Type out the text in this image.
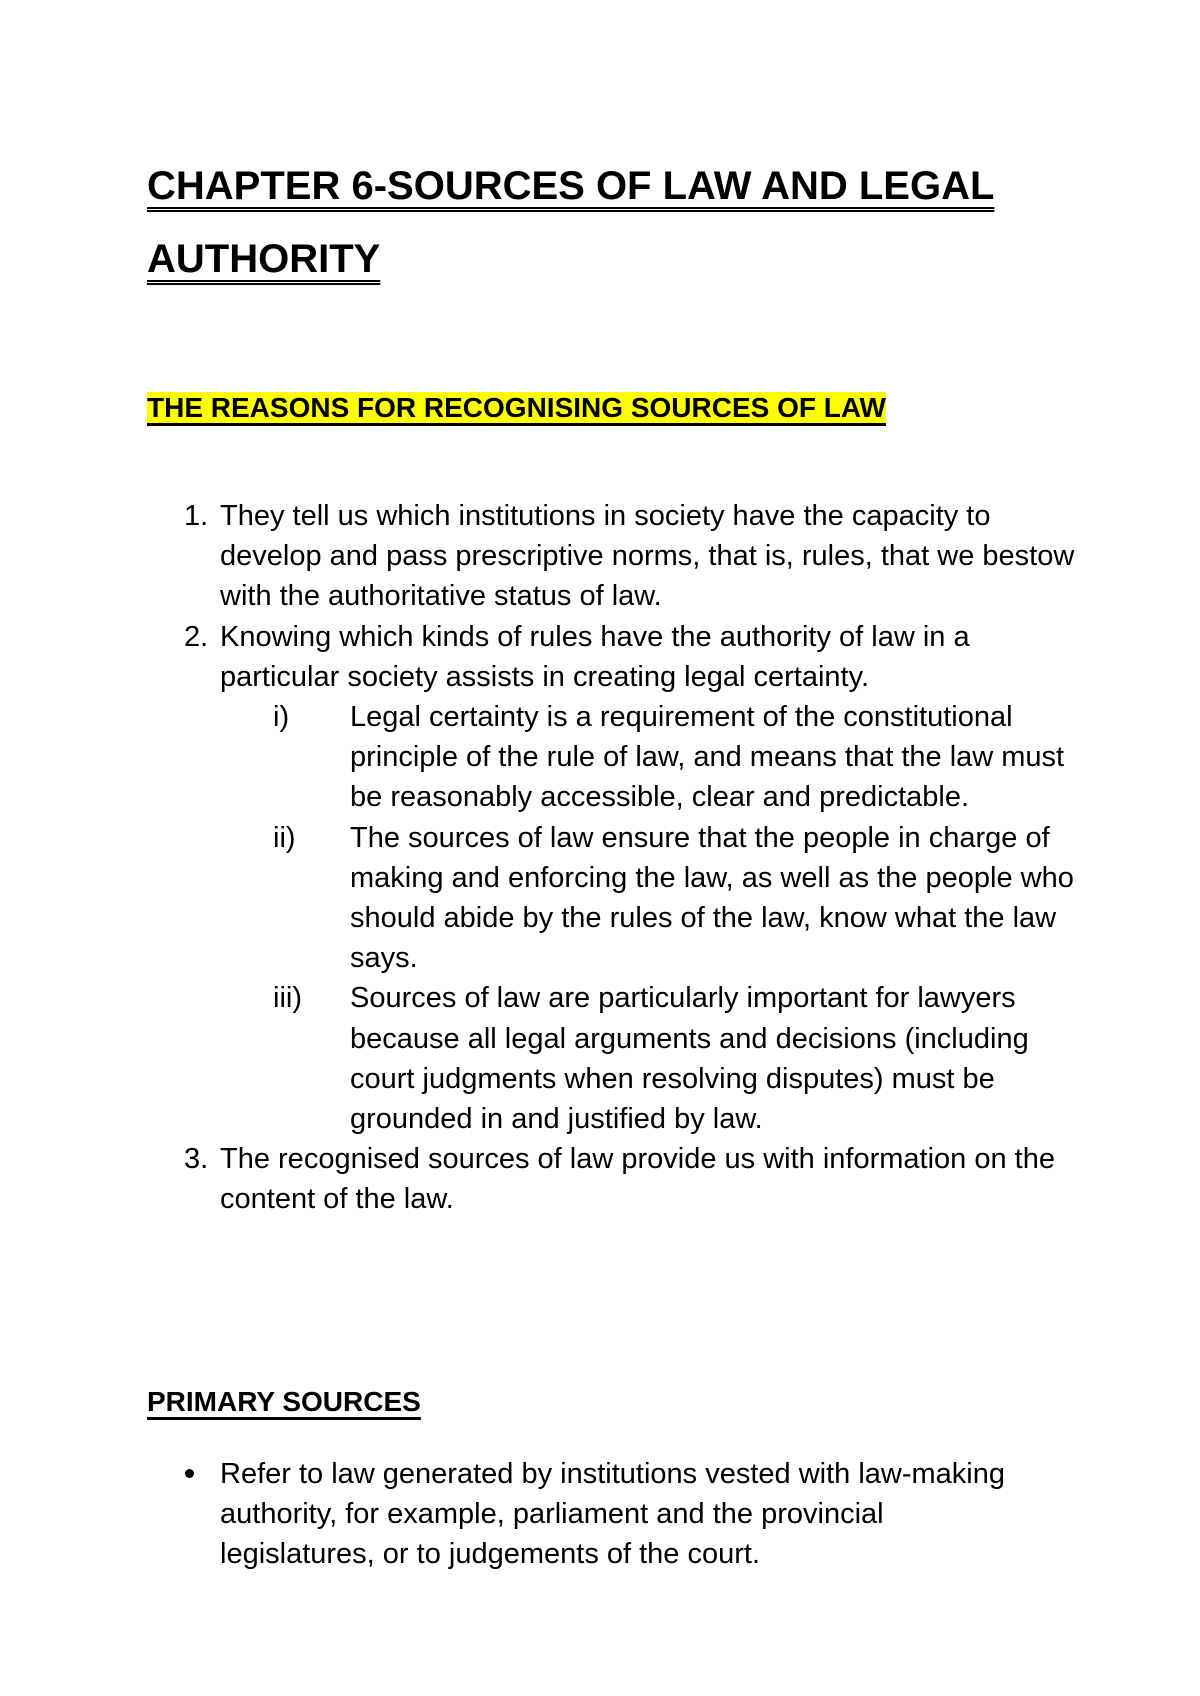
CHAPTER 6-SOURCES OF LAW AND LEGAL AUTHORITY
THE REASONS FOR RECOGNISING SOURCES OF LAW
1. They tell us which institutions in society have the capacity to develop and pass prescriptive norms, that is, rules, that we bestow with the authoritative status of law.
2. Knowing which kinds of rules have the authority of law in a particular society assists in creating legal certainty.
i) Legal certainty is a requirement of the constitutional principle of the rule of law, and means that the law must be reasonably accessible, clear and predictable.
ii) The sources of law ensure that the people in charge of making and enforcing the law, as well as the people who should abide by the rules of the law, know what the law says.
iii) Sources of law are particularly important for lawyers because all legal arguments and decisions (including court judgments when resolving disputes) must be grounded in and justified by law.
3. The recognised sources of law provide us with information on the content of the law.
PRIMARY SOURCES
Refer to law generated by institutions vested with law-making authority, for example, parliament and the provincial legislatures, or to judgements of the court.
